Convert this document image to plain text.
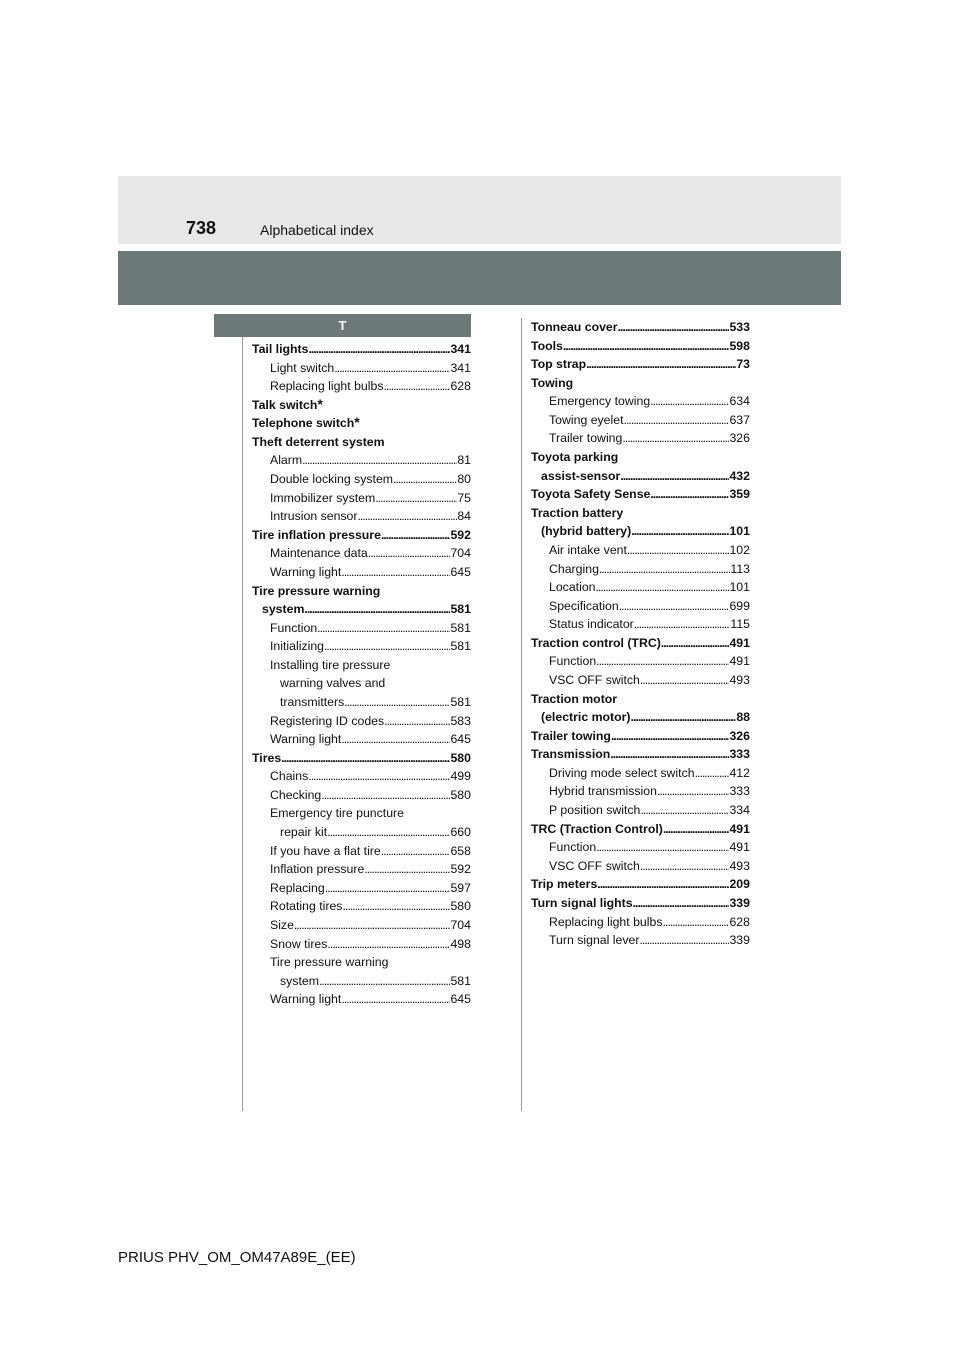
738	Alphabetical index
T
Tail lights . . .	341
Light switch . . .	341
Replacing light bulbs . . .	628
Talk switch *
Telephone switch *
Theft deterrent system
Alarm . . .	81
Double locking system . . .	80
Immobilizer system . . .	75
Intrusion sensor . . .	84
Tire inflation pressure . . .	592
Maintenance data . . .	704
Warning light . . .	645
Tire pressure warning
system . . .	581
Function . . .	581
Initializing . . .	581
Installing tire pressure
warning valves and
transmitters . . .	581
Registering ID codes . . .	583
Warning light . . .	645
Tires . . .	580
Chains . . .	499
Checking . . .	580
Emergency tire puncture
repair kit . . .	660
If you have a flat tire . . .	658
Inflation pressure . . .	592
Replacing . . .	597
Rotating tires . . .	580
Size . . .	704
Snow tires . . .	498
Tire pressure warning
system . . .	581
Warning light . . .	645
Tonneau cover . . .	533
Tools . . .	598
Top strap . . .	73
Towing
Emergency towing . . .	634
Towing eyelet . . .	637
Trailer towing . . .	326
Toyota parking
assist-sensor . . .	432
Toyota Safety Sense . . .	359
Traction battery
(hybrid battery) . . .	101
Air intake vent . . .	102
Charging . . .	113
Location . . .	101
Specification . . .	699
Status indicator . . .	115
Traction control (TRC) . . .	491
Function . . .	491
VSC OFF switch . . .	493
Traction motor
(electric motor) . . .	88
Trailer towing . . .	326
Transmission . . .	333
Driving mode select switch . . .	412
Hybrid transmission . . .	333
P position switch . . .	334
TRC (Traction Control) . . .	491
Function . . .	491
VSC OFF switch . . .	493
Trip meters . . .	209
Turn signal lights . . .	339
Replacing light bulbs . . .	628
Turn signal lever . . .	339
PRIUS PHV_OM_OM47A89E_(EE)
